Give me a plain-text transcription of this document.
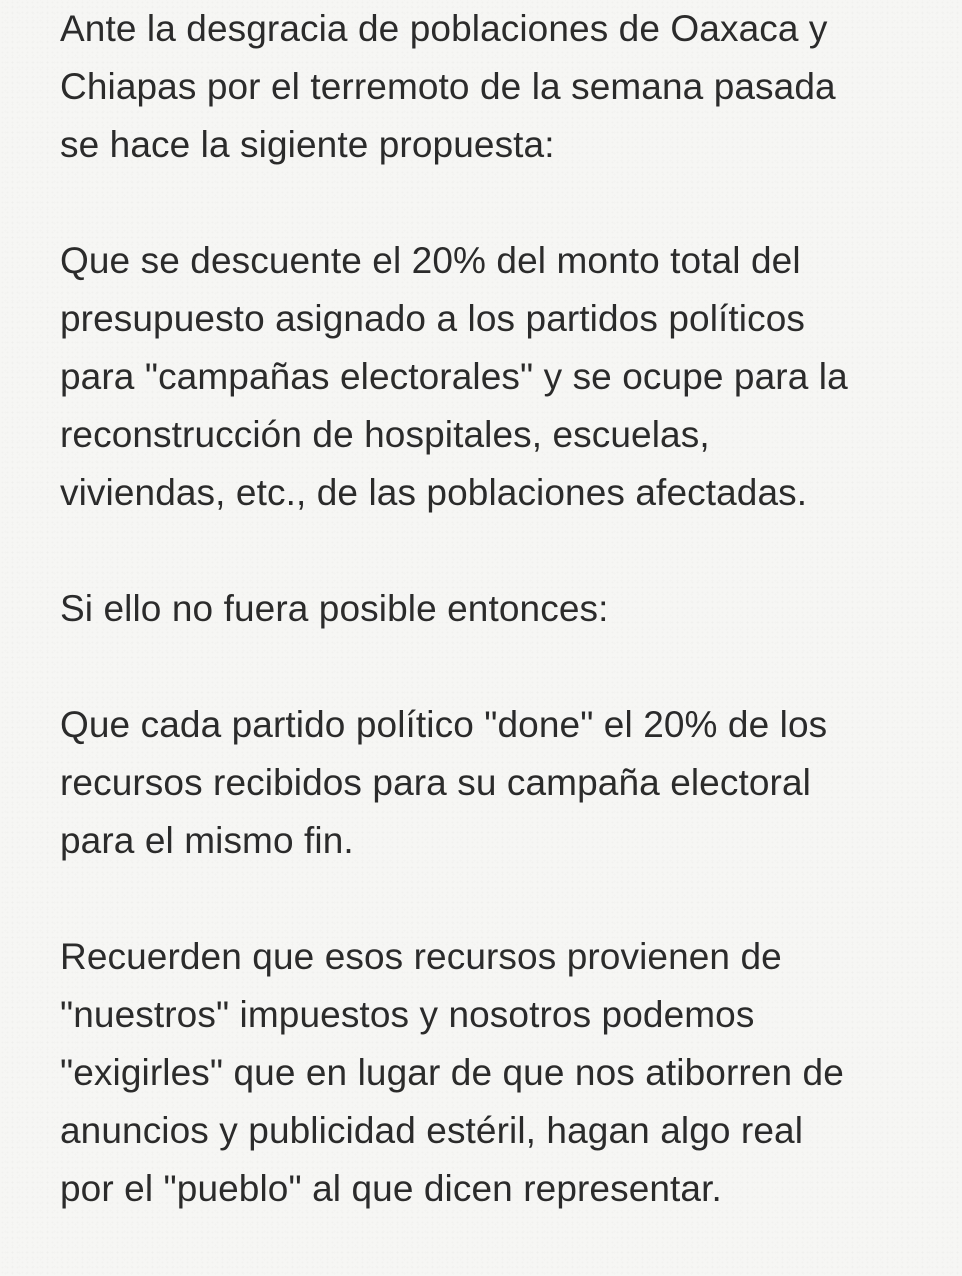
Ante la desgracia de poblaciones de Oaxaca y
Chiapas por el terremoto de la semana pasada
se hace la sigiente propuesta:
Que se descuente el 20% del monto total del
presupuesto asignado a los partidos políticos
para "campañas electorales" y se ocupe para la
reconstrucción de hospitales, escuelas,
viviendas, etc., de las poblaciones afectadas.
Si ello no fuera posible entonces:
Que cada partido político "done" el 20% de los
recursos recibidos para su campaña electoral
para el mismo fin.
Recuerden que esos recursos provienen de
"nuestros" impuestos y nosotros podemos
"exigirles" que en lugar de que nos atiborren de
anuncios y publicidad estéril, hagan algo real
por el "pueblo" al que dicen representar.
